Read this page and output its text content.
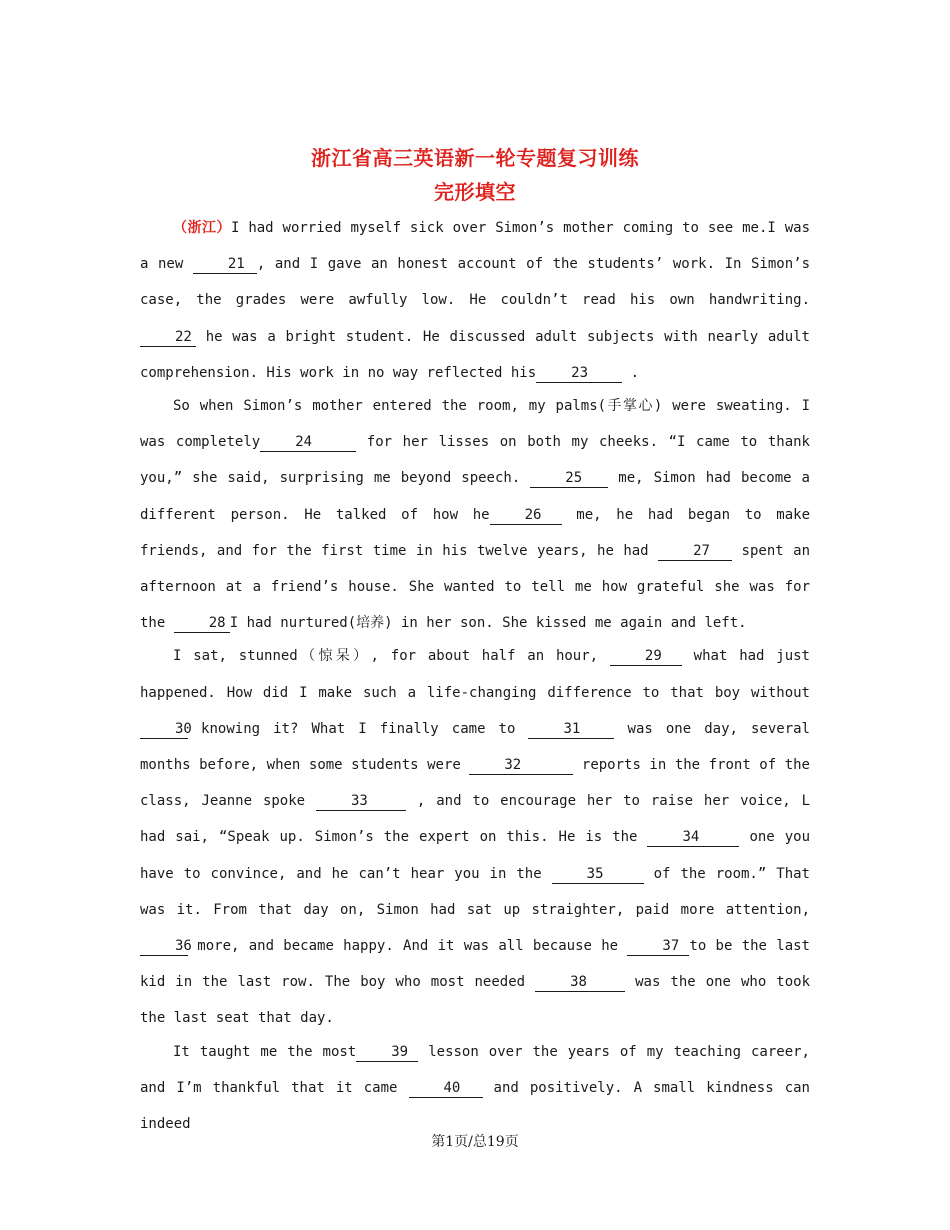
浙江省高三英语新一轮专题复习训练
完形填空

（浙江）I had worried myself sick over Simon’s mother coming to see me.I was a new	21 , and I gave an honest account of the students’ work. In Simon’s case, the grades were awfully low. He couldn’t read his own handwriting. 22 he was a bright student. He discussed adult subjects with nearly adult comprehension. His work in no way reflected his	23 .

So when Simon’s mother entered the room, my palms(手掌心) were sweating. I was completely	24	for her lisses on both my cheeks. “I came to thank you,” she said, surprising me beyond speech.	25 me, Simon had become a different person. He talked of how he	26 me, he had began to make friends, and for the first time in his twelve years, he had	27 spent an afternoon at a friend’s house. She wanted to tell me how grateful she was for the	28 I had nurtured(培养) in her son. She kissed me again and left.

I sat, stunned（惊呆）, for about half an hour,	29 what had just happened. How did I make such a life-changing difference to that boy without 30 knowing it? What I finally came to	31 was one day, several months before, when some students were	32	reports in the front of the class, Jeanne spoke	33	, and to encourage her to raise her voice, L had sai, “Speak up. Simon’s the expert on this. He is the	34	one you have to convince, and he can’t hear you in the	35	of the room.” That was it. From that day on, Simon had sat up straighter, paid more attention, 36 more, and became happy. And it was all because he	37 to be the last kid in the last row. The boy who most needed	38	was the one who took the last seat that day.

It taught me the most	39 lesson over the years of my teaching career, and I’m thankful that it came	40 and positively. A small kindness can indeed

第1页/总19页
